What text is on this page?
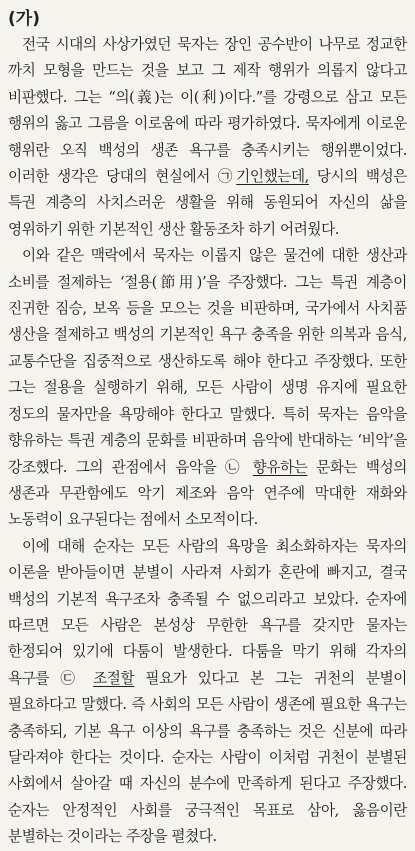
(가)

전국 시대의 사상가였던 묵자는 장인 공수반이 나무로 정교한 까치 모형을 만드는 것을 보고 그 제작 행위가 의롭지 않다고 비판했다. 그는 “의(義)는 이(利)이다.”를 강령으로 삼고 모든 행위의 옳고 그름을 이로움에 따라 평가하였다. 묵자에게 이로운 행위란 오직 백성의 생존 욕구를 충족시키는 행위뿐이었다. 이러한 생각은 당대의 현실에서 ㉠기인했는데, 당시의 백성은 특권 계층의 사치스러운 생활을 위해 동원되어 자신의 삶을 영위하기 위한 기본적인 생산 활동조차 하기 어려웠다.

이와 같은 맥락에서 묵자는 이롭지 않은 물건에 대한 생산과 소비를 절제하는 ‘절용(節用)’을 주장했다. 그는 특권 계층이 진귀한 짐승, 보옥 등을 모으는 것을 비판하며, 국가에서 사치품 생산을 절제하고 백성의 기본적인 욕구 충족을 위한 의복과 음식, 교통수단을 집중적으로 생산하도록 해야 한다고 주장했다. 또한 그는 절용을 실행하기 위해, 모든 사람이 생명 유지에 필요한 정도의 물자만을 욕망해야 한다고 말했다. 특히 묵자는 음악을 향유하는 특권 계층의 문화를 비판하며 음악에 반대하는 ‘비악’을 강조했다. 그의 관점에서 음악을 ㉡ 향유하는 문화는 백성의 생존과 무관함에도 악기 제조와 음악 연주에 막대한 재화와 노동력이 요구된다는 점에서 소모적이다.

이에 대해 순자는 모든 사람의 욕망을 최소화하자는 묵자의 이론을 받아들이면 분별이 사라져 사회가 혼란에 빠지고, 결국 백성의 기본적 욕구조차 충족될 수 없으리라고 보았다. 순자에 따르면 모든 사람은 본성상 무한한 욕구를 갖지만 물자는 한정되어 있기에 다툼이 발생한다. 다툼을 막기 위해 각자의 욕구를 ㉢ 조절할 필요가 있다고 본 그는 귀천의 분별이 필요하다고 말했다. 즉 사회의 모든 사람이 생존에 필요한 욕구는 충족하되, 기본 욕구 이상의 욕구를 충족하는 것은 신분에 따라 달라져야 한다는 것이다. 순자는 사람이 이처럼 귀천이 분별된 사회에서 살아갈 때 자신의 분수에 만족하게 된다고 주장했다. 순자는 안정적인 사회를 궁극적인 목표로 삼아, 옳음이란 분별하는 것이라는 주장을 펼쳤다.
